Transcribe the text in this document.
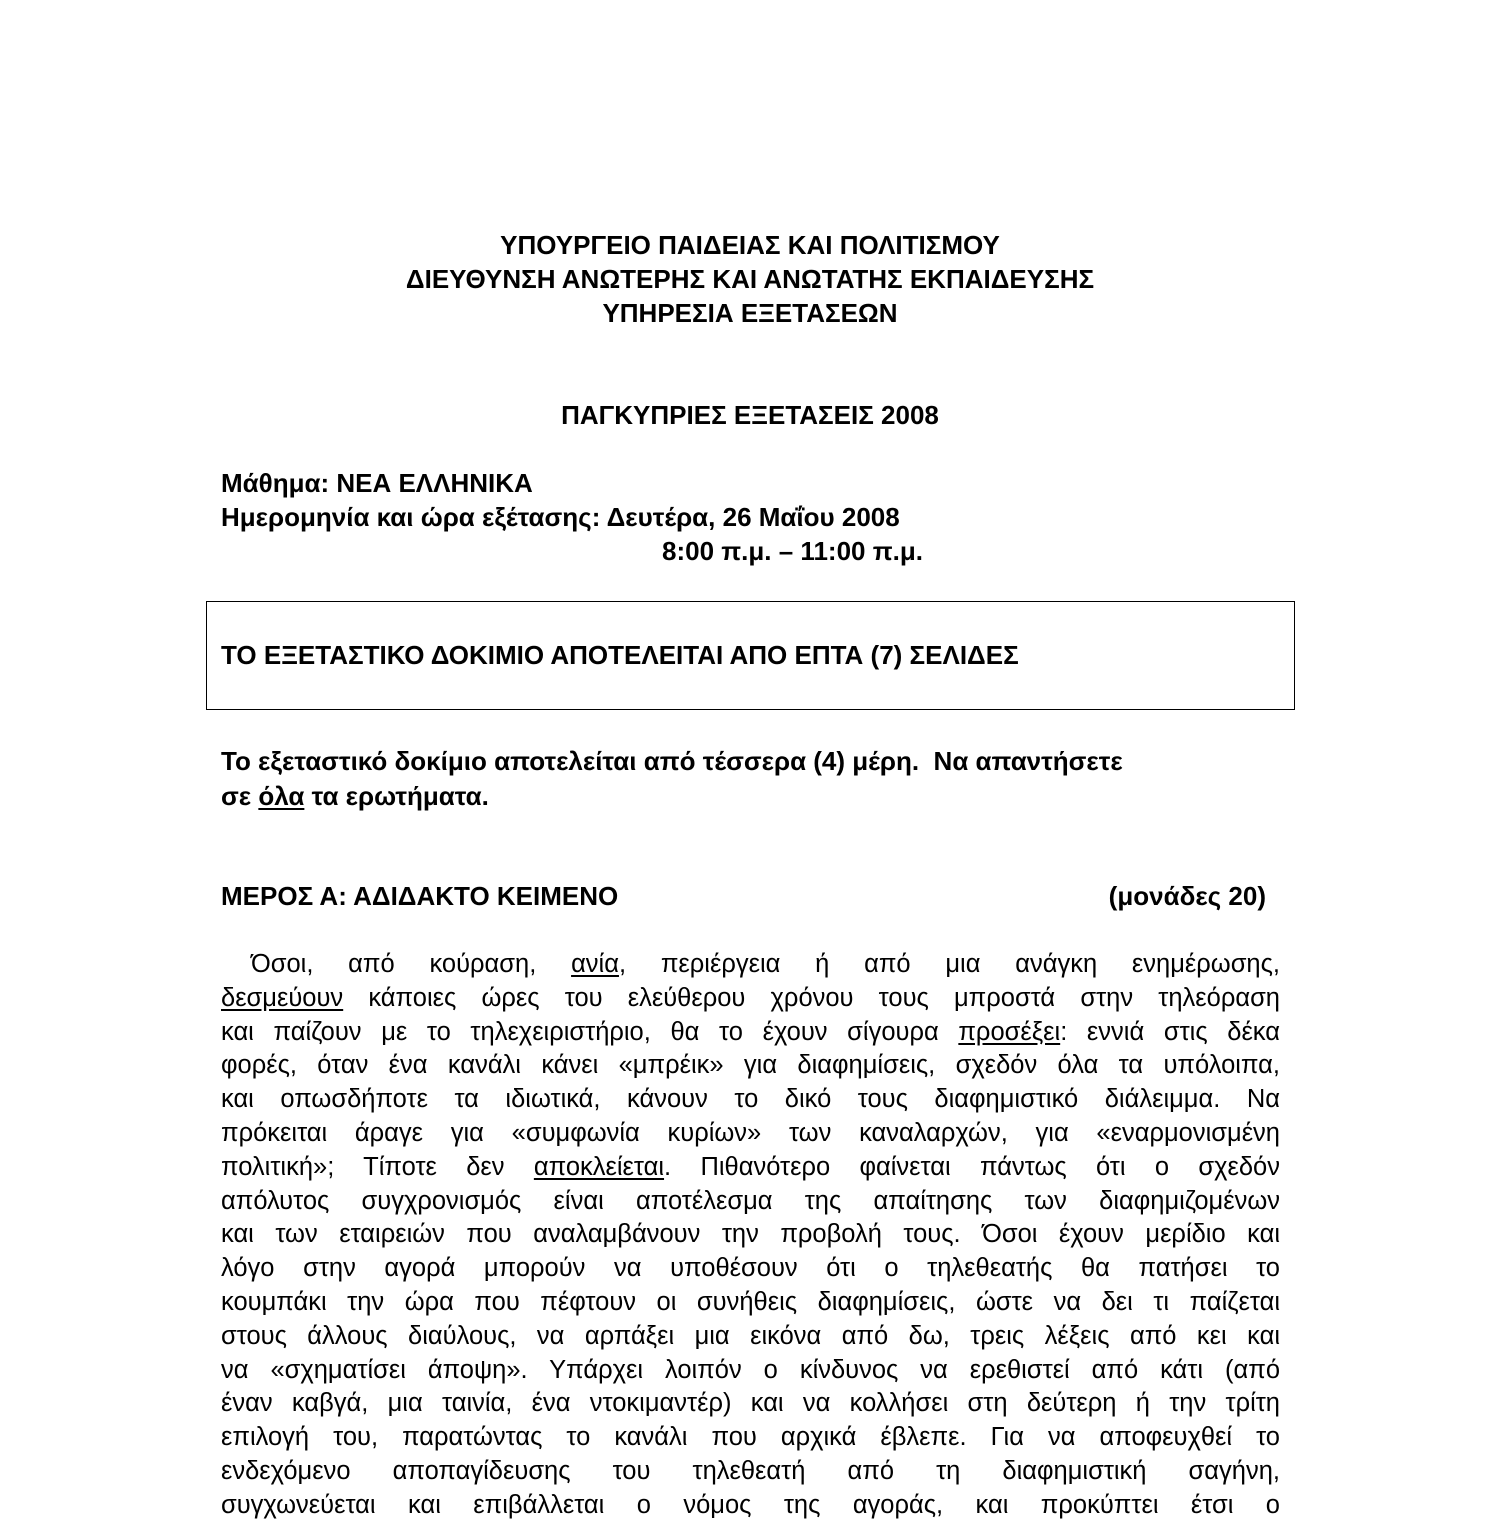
ΥΠΟΥΡΓΕΙΟ ΠΑΙΔΕΙΑΣ ΚΑΙ ΠΟΛΙΤΙΣΜΟΥ
ΔΙΕΥΘΥΝΣΗ ΑΝΩΤΕΡΗΣ ΚΑΙ ΑΝΩΤΑΤΗΣ ΕΚΠΑΙΔΕΥΣΗΣ
ΥΠΗΡΕΣΙΑ ΕΞΕΤΑΣΕΩΝ
ΠΑΓΚΥΠΡΙΕΣ ΕΞΕΤΑΣΕΙΣ 2008
Μάθημα: ΝΕΑ ΕΛΛΗΝΙΚΑ
Ημερομηνία και ώρα εξέτασης: Δευτέρα, 26 Μαΐου 2008
8:00 π.μ. – 11:00 π.μ.
ΤΟ ΕΞΕΤΑΣΤΙΚΟ ΔΟΚΙΜΙΟ ΑΠΟΤΕΛΕΙΤΑΙ ΑΠΟ ΕΠΤΑ (7) ΣΕΛΙΔΕΣ
Το εξεταστικό δοκίμιο αποτελείται από τέσσερα (4) μέρη.  Να απαντήσετε
σε όλα τα ερωτήματα.
ΜΕΡΟΣ Α: ΑΔΙΔΑΚΤΟ ΚΕΙΜΕΝΟ	(μονάδες 20)
Όσοι, από κούραση, ανία, περιέργεια ή από μια ανάγκη ενημέρωσης,
δεσμεύουν κάποιες ώρες του ελεύθερου χρόνου τους μπροστά στην τηλεόραση
και παίζουν με το τηλεχειριστήριο, θα το έχουν σίγουρα προσέξει: εννιά στις δέκα
φορές, όταν ένα κανάλι κάνει «μπρέικ» για διαφημίσεις, σχεδόν όλα τα υπόλοιπα,
και οπωσδήποτε τα ιδιωτικά, κάνουν το δικό τους διαφημιστικό διάλειμμα. Να
πρόκειται άραγε για «συμφωνία κυρίων» των καναλαρχών, για «εναρμονισμένη
πολιτική»; Τίποτε δεν αποκλείεται. Πιθανότερο φαίνεται πάντως ότι ο σχεδόν
απόλυτος συγχρονισμός είναι αποτέλεσμα της απαίτησης των διαφημιζομένων
και των εταιρειών που αναλαμβάνουν την προβολή τους. Όσοι έχουν μερίδιο και
λόγο στην αγορά μπορούν να υποθέσουν ότι ο τηλεθεατής θα πατήσει το
κουμπάκι την ώρα που πέφτουν οι συνήθεις διαφημίσεις, ώστε να δει τι παίζεται
στους άλλους διαύλους, να αρπάξει μια εικόνα από δω, τρεις λέξεις από κει και
να «σχηματίσει άποψη». Υπάρχει λοιπόν ο κίνδυνος να ερεθιστεί από κάτι (από
έναν καβγά, μια ταινία, ένα ντοκιμαντέρ) και να κολλήσει στη δεύτερη ή την τρίτη
επιλογή του, παρατώντας το κανάλι που αρχικά έβλεπε. Για να αποφευχθεί το
ενδεχόμενο αποπαγίδευσης του τηλεθεατή από τη διαφημιστική σαγήνη,
συγχωνεύεται και επιβάλλεται ο νόμος της αγοράς, και προκύπτει έτσι ο
